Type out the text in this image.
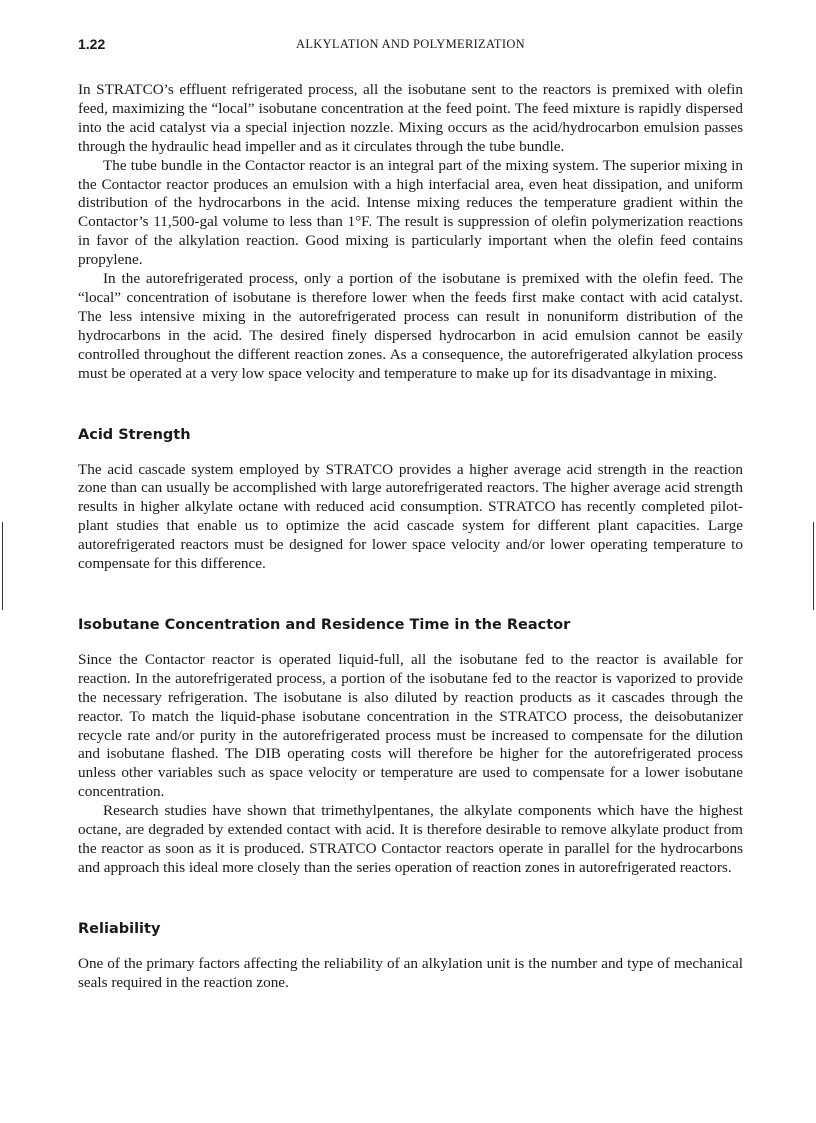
1.22	ALKYLATION AND POLYMERIZATION

In STRATCO’s effluent refrigerated process, all the isobutane sent to the reactors is premixed with olefin feed, maximizing the “local” isobutane concentration at the feed point. The feed mixture is rapidly dispersed into the acid catalyst via a special injection nozzle. Mixing occurs as the acid/hydrocarbon emulsion passes through the hydraulic head impeller and as it circulates through the tube bundle.

The tube bundle in the Contactor reactor is an integral part of the mixing system. The superior mixing in the Contactor reactor produces an emulsion with a high interfacial area, even heat dissipation, and uniform distribution of the hydrocarbons in the acid. Intense mixing reduces the temperature gradient within the Contactor’s 11,500-gal volume to less than 1°F. The result is suppression of olefin polymerization reactions in favor of the alkylation reaction. Good mixing is particularly important when the olefin feed contains propylene.

In the autorefrigerated process, only a portion of the isobutane is premixed with the olefin feed. The “local” concentration of isobutane is therefore lower when the feeds first make contact with acid catalyst. The less intensive mixing in the autorefrigerated process can result in nonuniform distribution of the hydrocarbons in the acid. The desired finely dispersed hydrocarbon in acid emulsion cannot be easily controlled throughout the different reaction zones. As a consequence, the autorefrigerated alkylation process must be operated at a very low space velocity and temperature to make up for its disadvantage in mixing.

Acid Strength

The acid cascade system employed by STRATCO provides a higher average acid strength in the reaction zone than can usually be accomplished with large autorefrigerated reactors. The higher average acid strength results in higher alkylate octane with reduced acid consumption. STRATCO has recently completed pilot-plant studies that enable us to optimize the acid cascade system for different plant capacities. Large autorefrigerated reactors must be designed for lower space velocity and/or lower operating temperature to compensate for this difference.

Isobutane Concentration and Residence Time in the Reactor

Since the Contactor reactor is operated liquid-full, all the isobutane fed to the reactor is available for reaction. In the autorefrigerated process, a portion of the isobutane fed to the reactor is vaporized to provide the necessary refrigeration. The isobutane is also diluted by reaction products as it cascades through the reactor. To match the liquid-phase isobutane concentration in the STRATCO process, the deisobutanizer recycle rate and/or purity in the autorefrigerated process must be increased to compensate for the dilution and isobutane flashed. The DIB operating costs will therefore be higher for the autorefrigerated process unless other variables such as space velocity or temperature are used to compensate for a lower isobutane concentration.

Research studies have shown that trimethylpentanes, the alkylate components which have the highest octane, are degraded by extended contact with acid. It is therefore desirable to remove alkylate product from the reactor as soon as it is produced. STRATCO Contactor reactors operate in parallel for the hydrocarbons and approach this ideal more closely than the series operation of reaction zones in autorefrigerated reactors.

Reliability

One of the primary factors affecting the reliability of an alkylation unit is the number and type of mechanical seals required in the reaction zone.
